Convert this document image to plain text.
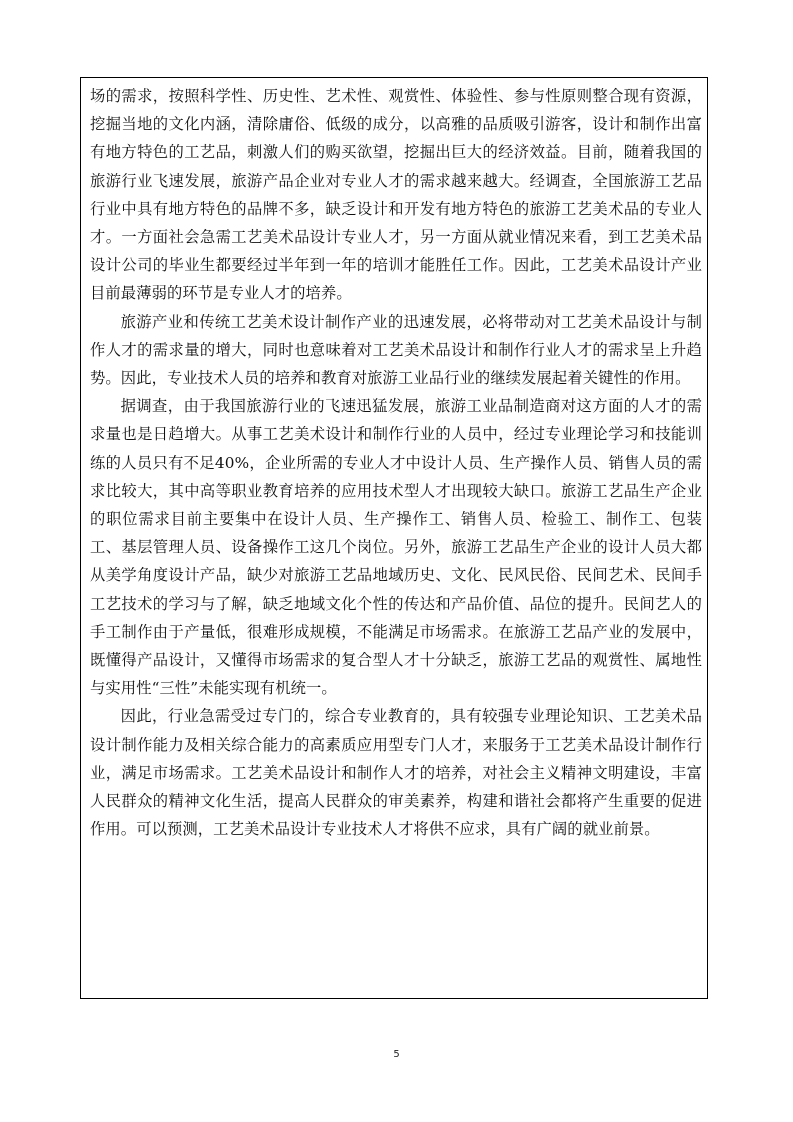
场的需求，按照科学性、历史性、艺术性、观赏性、体验性、参与性原则整合现有资源，挖掘当地的文化内涵，清除庸俗、低级的成分，以高雅的品质吸引游客，设计和制作出富有地方特色的工艺品，刺激人们的购买欲望，挖掘出巨大的经济效益。目前，随着我国的旅游行业飞速发展，旅游产品企业对专业人才的需求越来越大。经调查，全国旅游工艺品行业中具有地方特色的品牌不多，缺乏设计和开发有地方特色的旅游工艺美术品的专业人才。一方面社会急需工艺美术品设计专业人才，另一方面从就业情况来看，到工艺美术品设计公司的毕业生都要经过半年到一年的培训才能胜任工作。因此，工艺美术品设计产业目前最薄弱的环节是专业人才的培养。

旅游产业和传统工艺美术设计制作产业的迅速发展，必将带动对工艺美术品设计与制作人才的需求量的增大，同时也意味着对工艺美术品设计和制作行业人才的需求呈上升趋势。因此，专业技术人员的培养和教育对旅游工业品行业的继续发展起着关键性的作用。

据调查，由于我国旅游行业的飞速迅猛发展，旅游工业品制造商对这方面的人才的需求量也是日趋增大。从事工艺美术设计和制作行业的人员中，经过专业理论学习和技能训练的人员只有不足40%，企业所需的专业人才中设计人员、生产操作人员、销售人员的需求比较大，其中高等职业教育培养的应用技术型人才出现较大缺口。旅游工艺品生产企业的职位需求目前主要集中在设计人员、生产操作工、销售人员、检验工、制作工、包装工、基层管理人员、设备操作工这几个岗位。另外，旅游工艺品生产企业的设计人员大都从美学角度设计产品，缺少对旅游工艺品地域历史、文化、民风民俗、民间艺术、民间手工艺技术的学习与了解，缺乏地域文化个性的传达和产品价值、品位的提升。民间艺人的手工制作由于产量低，很难形成规模，不能满足市场需求。在旅游工艺品产业的发展中，既懂得产品设计，又懂得市场需求的复合型人才十分缺乏，旅游工艺品的观赏性、属地性与实用性“三性”未能实现有机统一。

因此，行业急需受过专门的，综合专业教育的，具有较强专业理论知识、工艺美术品设计制作能力及相关综合能力的高素质应用型专门人才，来服务于工艺美术品设计制作行业，满足市场需求。工艺美术品设计和制作人才的培养，对社会主义精神文明建设，丰富人民群众的精神文化生活，提高人民群众的审美素养，构建和谐社会都将产生重要的促进作用。可以预测，工艺美术品设计专业技术人才将供不应求，具有广阔的就业前景。

5
